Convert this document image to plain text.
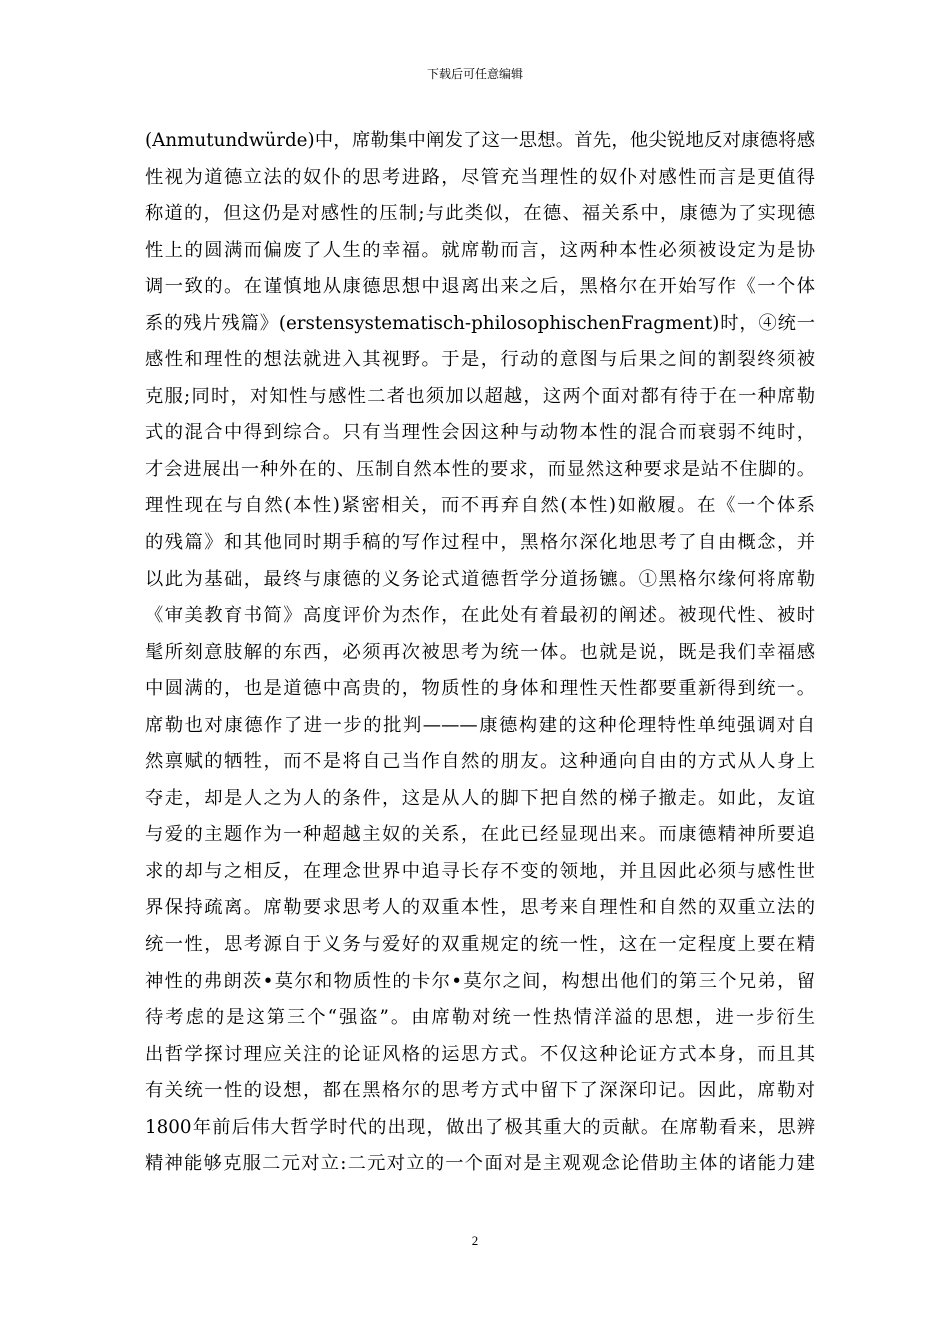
下载后可任意编辑
(Anmutundwürde)中，席勒集中阐发了这一思想。首先，他尖锐地反对康德将感
性视为道德立法的奴仆的思考进路，尽管充当理性的奴仆对感性而言是更值得
称道的，但这仍是对感性的压制;与此类似，在德、福关系中，康德为了实现德
性上的圆满而偏废了人生的幸福。就席勒而言，这两种本性必须被设定为是协
调一致的。在谨慎地从康德思想中退离出来之后，黑格尔在开始写作《一个体
系的残片残篇》(erstensystematisch-philosophischenFragment)时，④统一
感性和理性的想法就进入其视野。于是，行动的意图与后果之间的割裂终须被
克服;同时，对知性与感性二者也须加以超越，这两个面对都有待于在一种席勒
式的混合中得到综合。只有当理性会因这种与动物本性的混合而衰弱不纯时，
才会进展出一种外在的、压制自然本性的要求，而显然这种要求是站不住脚的。
理性现在与自然(本性)紧密相关，而不再弃自然(本性)如敝履。在《一个体系
的残篇》和其他同时期手稿的写作过程中，黑格尔深化地思考了自由概念，并
以此为基础，最终与康德的义务论式道德哲学分道扬镳。①黑格尔缘何将席勒
《审美教育书简》高度评价为杰作，在此处有着最初的阐述。被现代性、被时
髦所刻意肢解的东西，必须再次被思考为统一体。也就是说，既是我们幸福感
中圆满的，也是道德中高贵的，物质性的身体和理性天性都要重新得到统一。
席勒也对康德作了进一步的批判———康德构建的这种伦理特性单纯强调对自
然禀赋的牺牲，而不是将自己当作自然的朋友。这种通向自由的方式从人身上
夺走，却是人之为人的条件，这是从人的脚下把自然的梯子撤走。如此，友谊
与爱的主题作为一种超越主奴的关系，在此已经显现出来。而康德精神所要追
求的却与之相反，在理念世界中追寻长存不变的领地，并且因此必须与感性世
界保持疏离。席勒要求思考人的双重本性，思考来自理性和自然的双重立法的
统一性，思考源自于义务与爱好的双重规定的统一性，这在一定程度上要在精
神性的弗朗茨•莫尔和物质性的卡尔•莫尔之间，构想出他们的第三个兄弟，留
待考虑的是这第三个“强盗”。由席勒对统一性热情洋溢的思想，进一步衍生
出哲学探讨理应关注的论证风格的运思方式。不仅这种论证方式本身，而且其
有关统一性的设想，都在黑格尔的思考方式中留下了深深印记。因此，席勒对
1800年前后伟大哲学时代的出现，做出了极其重大的贡献。在席勒看来，思辨
精神能够克服二元对立:二元对立的一个面对是主观观念论借助主体的诸能力建
2
